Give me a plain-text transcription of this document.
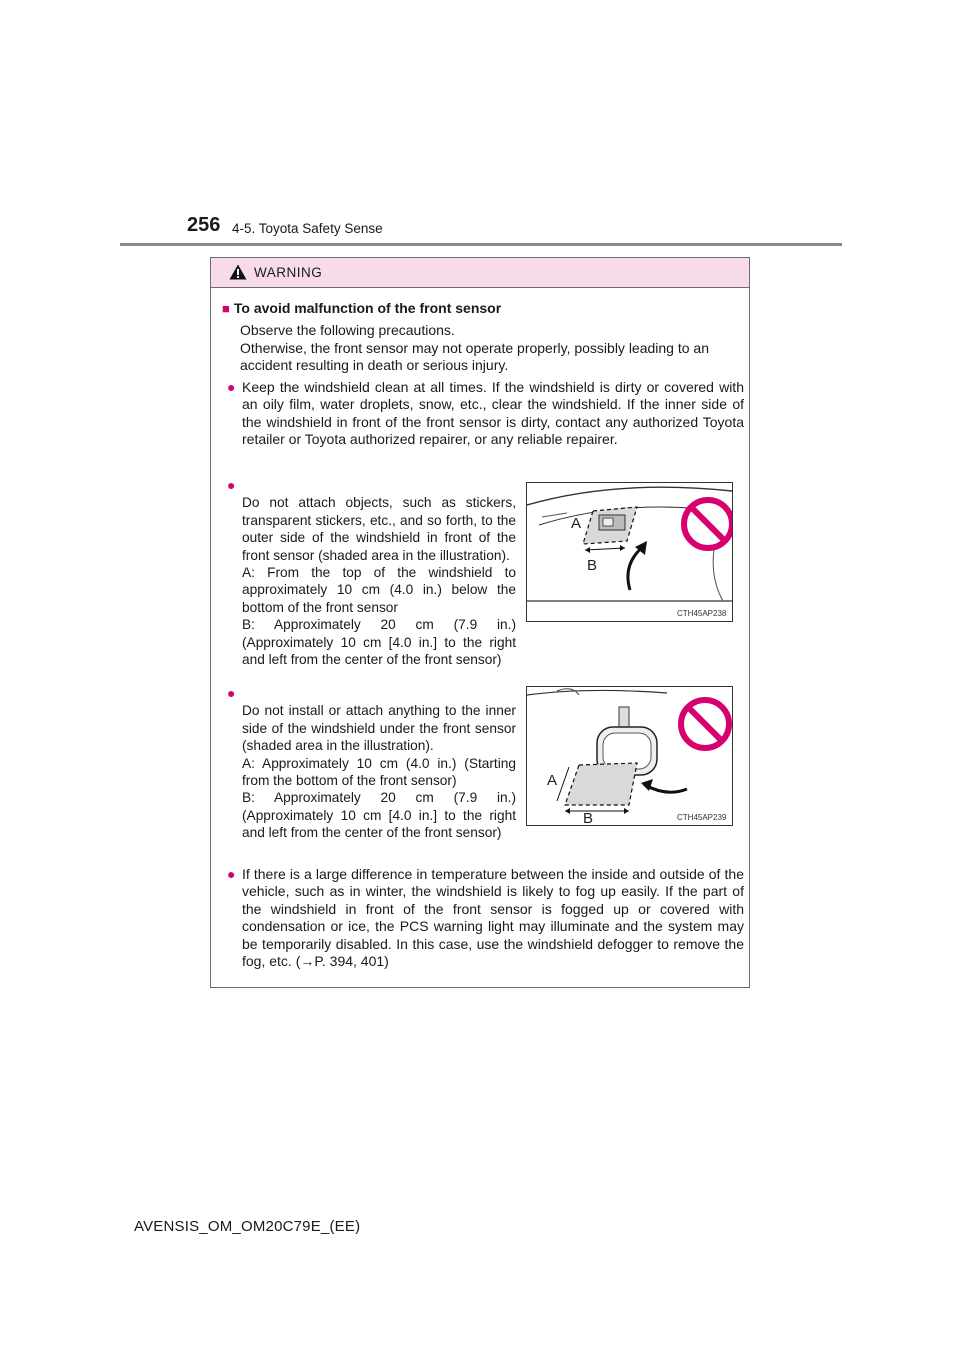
256 4-5. Toyota Safety Sense
WARNING
■ To avoid malfunction of the front sensor
Observe the following precautions.
Otherwise, the front sensor may not operate properly, possibly leading to an accident resulting in death or serious injury.
● Keep the windshield clean at all times. If the windshield is dirty or covered with an oily film, water droplets, snow, etc., clear the windshield. If the inner side of the windshield in front of the front sensor is dirty, contact any authorized Toyota retailer or Toyota authorized repairer, or any reliable repairer.

●
Do not attach objects, such as stickers, transparent stickers, etc., and so forth, to the outer side of the windshield in front of the front sensor (shaded area in the illustration).
A: From the top of the windshield to approximately 10 cm (4.0 in.) below the bottom of the front sensor
B: Approximately 20 cm (7.9 in.) (Approximately 10 cm [4.0 in.] to the right and left from the center of the front sensor)

A
B
CTH45AP238

●
Do not install or attach anything to the inner side of the windshield under the front sensor (shaded area in the illustration).
A: Approximately 10 cm (4.0 in.) (Starting from the bottom of the front sensor)
B: Approximately 20 cm (7.9 in.) (Approximately 10 cm [4.0 in.] to the right and left from the center of the front sensor)

A
B	CTH45AP239
● If there is a large difference in temperature between the inside and outside of the vehicle, such as in winter, the windshield is likely to fog up easily. If the part of the windshield in front of the front sensor is fogged up or covered with condensation or ice, the PCS warning light may illuminate and the system may be temporarily disabled. In this case, use the windshield defogger to remove the fog, etc. (→P. 394, 401)
AVENSIS_OM_OM20C79E_(EE)
